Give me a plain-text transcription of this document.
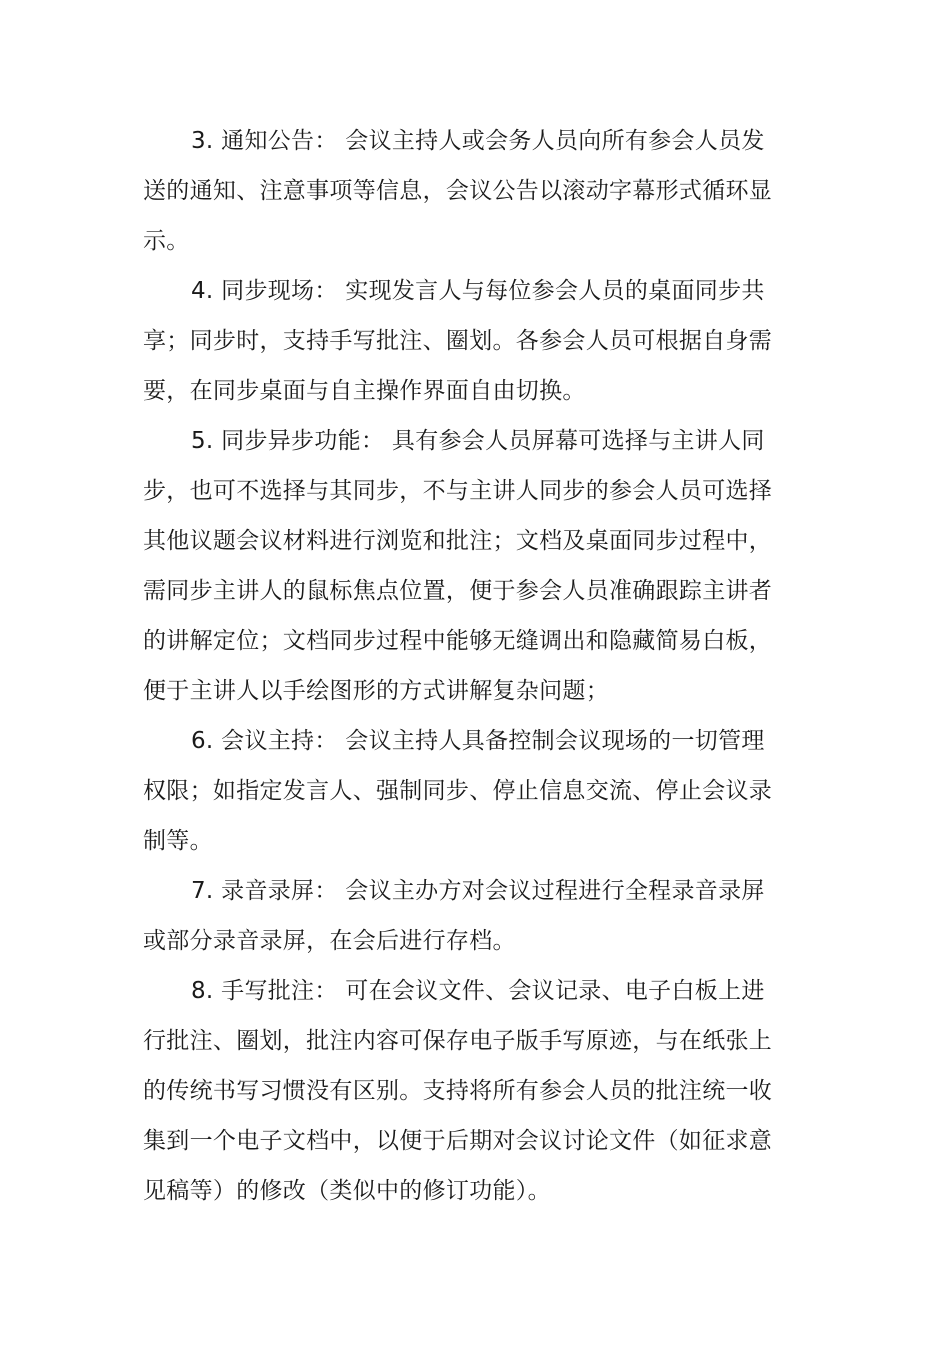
3. 通知公告： 会议主持人或会务人员向所有参会人员发送的通知、注意事项等信息，会议公告以滚动字幕形式循环显示。

4. 同步现场： 实现发言人与每位参会人员的桌面同步共享；同步时，支持手写批注、圈划。各参会人员可根据自身需要，在同步桌面与自主操作界面自由切换。

5. 同步异步功能： 具有参会人员屏幕可选择与主讲人同步，也可不选择与其同步，不与主讲人同步的参会人员可选择其他议题会议材料进行浏览和批注；文档及桌面同步过程中，需同步主讲人的鼠标焦点位置，便于参会人员准确跟踪主讲者的讲解定位；文档同步过程中能够无缝调出和隐藏简易白板，便于主讲人以手绘图形的方式讲解复杂问题；

6. 会议主持： 会议主持人具备控制会议现场的一切管理权限；如指定发言人、强制同步、停止信息交流、停止会议录制等。

7. 录音录屏： 会议主办方对会议过程进行全程录音录屏或部分录音录屏，在会后进行存档。

8. 手写批注： 可在会议文件、会议记录、电子白板上进行批注、圈划，批注内容可保存电子版手写原迹，与在纸张上的传统书写习惯没有区别。支持将所有参会人员的批注统一收集到一个电子文档中，以便于后期对会议讨论文件（如征求意见稿等）的修改（类似中的修订功能）。
